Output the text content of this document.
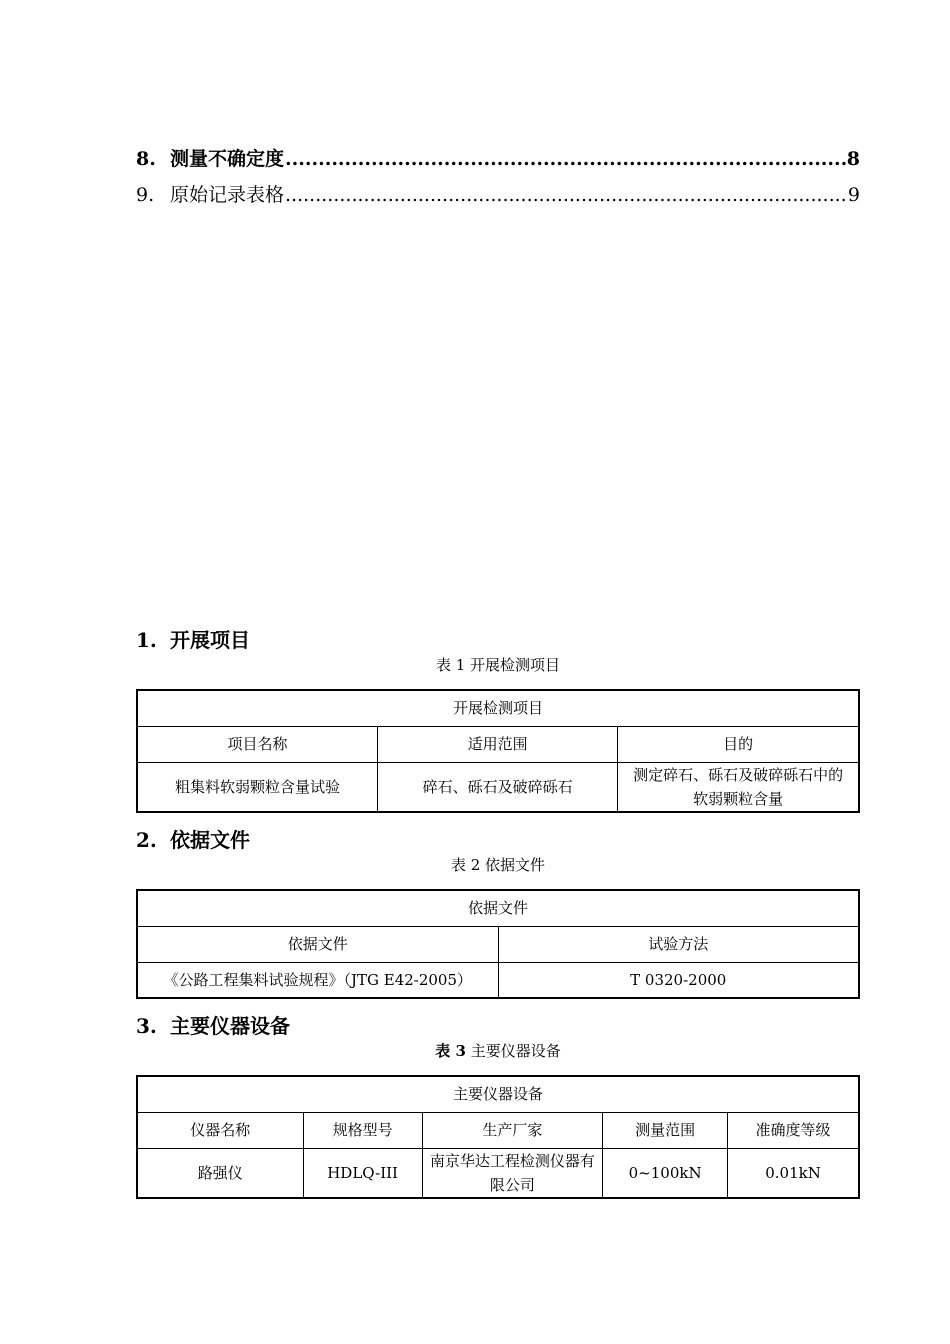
8. 测量不确定度 .....	8
9. 原始记录表格 .....	9
1. 开展项目
表 1 开展检测项目
开展检测项目		
项目名称	适用范围	目的
粗集料软弱颗粒含量试验	碎石、砾石及破碎砾石	测定碎石、砾石及破碎砾石中的软弱颗粒含量
2. 依据文件
表 2 依据文件
依据文件	
依据文件	试验方法
《公路工程集料试验规程》（JTG E42-2005）	T 0320-2000
3. 主要仪器设备
表 3 主要仪器设备
主要仪器设备				
仪器名称	规格型号	生产厂家	测量范围	准确度等级
路强仪	HDLQ-III	南京华达工程检测仪器有限公司	0~100kN	0.01kN
